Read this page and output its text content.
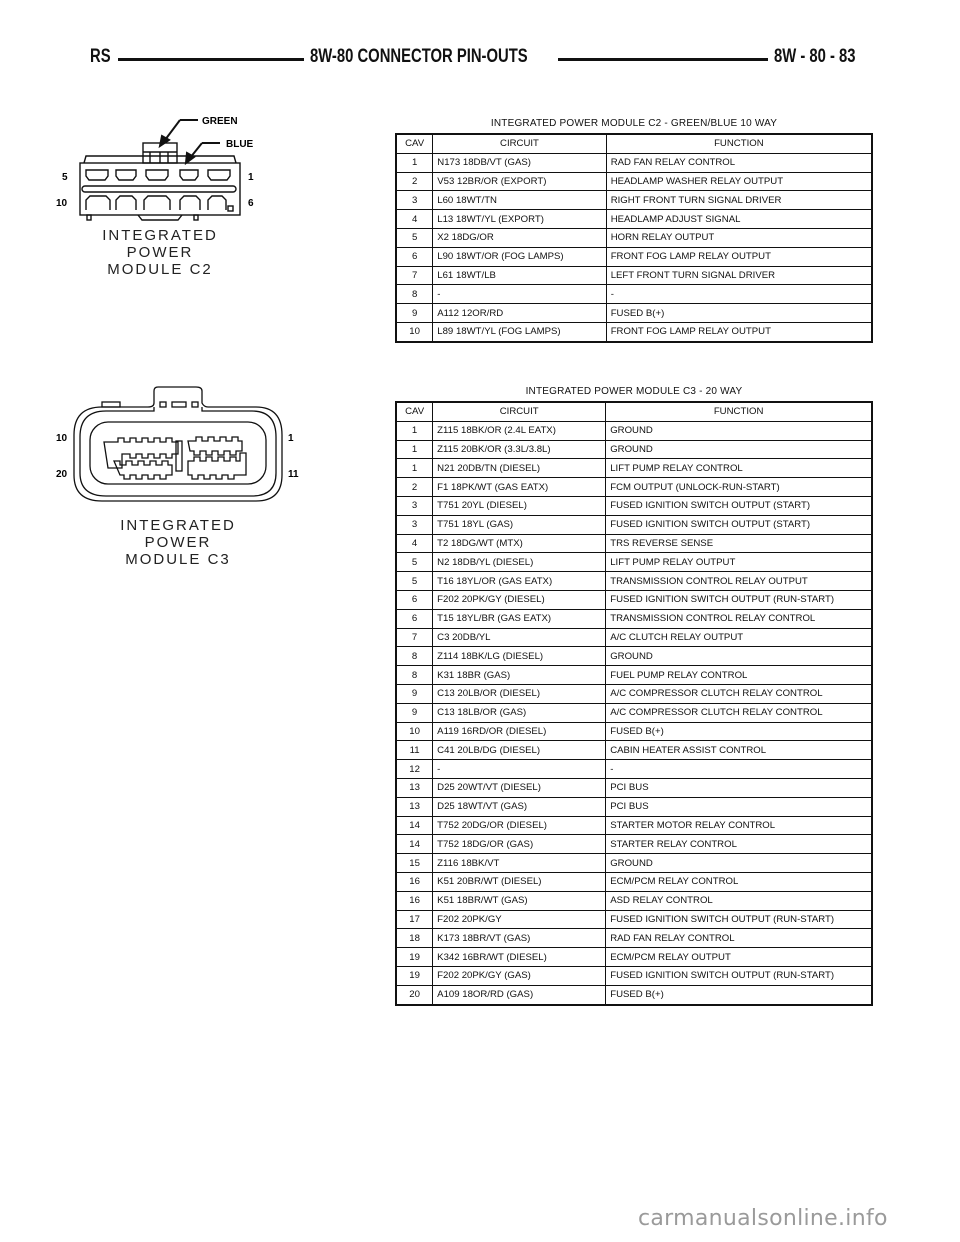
RS	8W-80 CONNECTOR PIN-OUTS	8W - 80 - 83
GREEN
BLUE
5	1
10	6
INTEGRATED
POWER
MODULE C2
10	1
20	11
INTEGRATED
POWER
MODULE C3
INTEGRATED POWER MODULE C2 - GREEN/BLUE 10 WAY
CAV	CIRCUIT	FUNCTION
1	N173 18DB/VT (GAS)	RAD FAN RELAY CONTROL
2	V53 12BR/OR (EXPORT)	HEADLAMP WASHER RELAY OUTPUT
3	L60 18WT/TN	RIGHT FRONT TURN SIGNAL DRIVER
4	L13 18WT/YL (EXPORT)	HEADLAMP ADJUST SIGNAL
5	X2 18DG/OR	HORN RELAY OUTPUT
6	L90 18WT/OR (FOG LAMPS)	FRONT FOG LAMP RELAY OUTPUT
7	L61 18WT/LB	LEFT FRONT TURN SIGNAL DRIVER
8	-	-
9	A112 12OR/RD	FUSED B(+)
10	L89 18WT/YL (FOG LAMPS)	FRONT FOG LAMP RELAY OUTPUT
INTEGRATED POWER MODULE C3 - 20 WAY
CAV	CIRCUIT	FUNCTION
1	Z115 18BK/OR (2.4L EATX)	GROUND
1	Z115 20BK/OR (3.3L/3.8L)	GROUND
1	N21 20DB/TN (DIESEL)	LIFT PUMP RELAY CONTROL
2	F1 18PK/WT (GAS EATX)	FCM OUTPUT (UNLOCK-RUN-START)
3	T751 20YL (DIESEL)	FUSED IGNITION SWITCH OUTPUT (START)
3	T751 18YL (GAS)	FUSED IGNITION SWITCH OUTPUT (START)
4	T2 18DG/WT (MTX)	TRS REVERSE SENSE
5	N2 18DB/YL (DIESEL)	LIFT PUMP RELAY OUTPUT
5	T16 18YL/OR (GAS EATX)	TRANSMISSION CONTROL RELAY OUTPUT
6	F202 20PK/GY (DIESEL)	FUSED IGNITION SWITCH OUTPUT (RUN-START)
6	T15 18YL/BR (GAS EATX)	TRANSMISSION CONTROL RELAY CONTROL
7	C3 20DB/YL	A/C CLUTCH RELAY OUTPUT
8	Z114 18BK/LG (DIESEL)	GROUND
8	K31 18BR (GAS)	FUEL PUMP RELAY CONTROL
9	C13 20LB/OR (DIESEL)	A/C COMPRESSOR CLUTCH RELAY CONTROL
9	C13 18LB/OR (GAS)	A/C COMPRESSOR CLUTCH RELAY CONTROL
10	A119 16RD/OR (DIESEL)	FUSED B(+)
11	C41 20LB/DG (DIESEL)	CABIN HEATER ASSIST CONTROL
12	-	-
13	D25 20WT/VT (DIESEL)	PCI BUS
13	D25 18WT/VT (GAS)	PCI BUS
14	T752 20DG/OR (DIESEL)	STARTER MOTOR RELAY CONTROL
14	T752 18DG/OR (GAS)	STARTER RELAY CONTROL
15	Z116 18BK/VT	GROUND
16	K51 20BR/WT (DIESEL)	ECM/PCM RELAY CONTROL
16	K51 18BR/WT (GAS)	ASD RELAY CONTROL
17	F202 20PK/GY	FUSED IGNITION SWITCH OUTPUT (RUN-START)
18	K173 18BR/VT (GAS)	RAD FAN RELAY CONTROL
19	K342 16BR/WT (DIESEL)	ECM/PCM RELAY OUTPUT
19	F202 20PK/GY (GAS)	FUSED IGNITION SWITCH OUTPUT (RUN-START)
20	A109 18OR/RD (GAS)	FUSED B(+)
carmanualsonline.info
